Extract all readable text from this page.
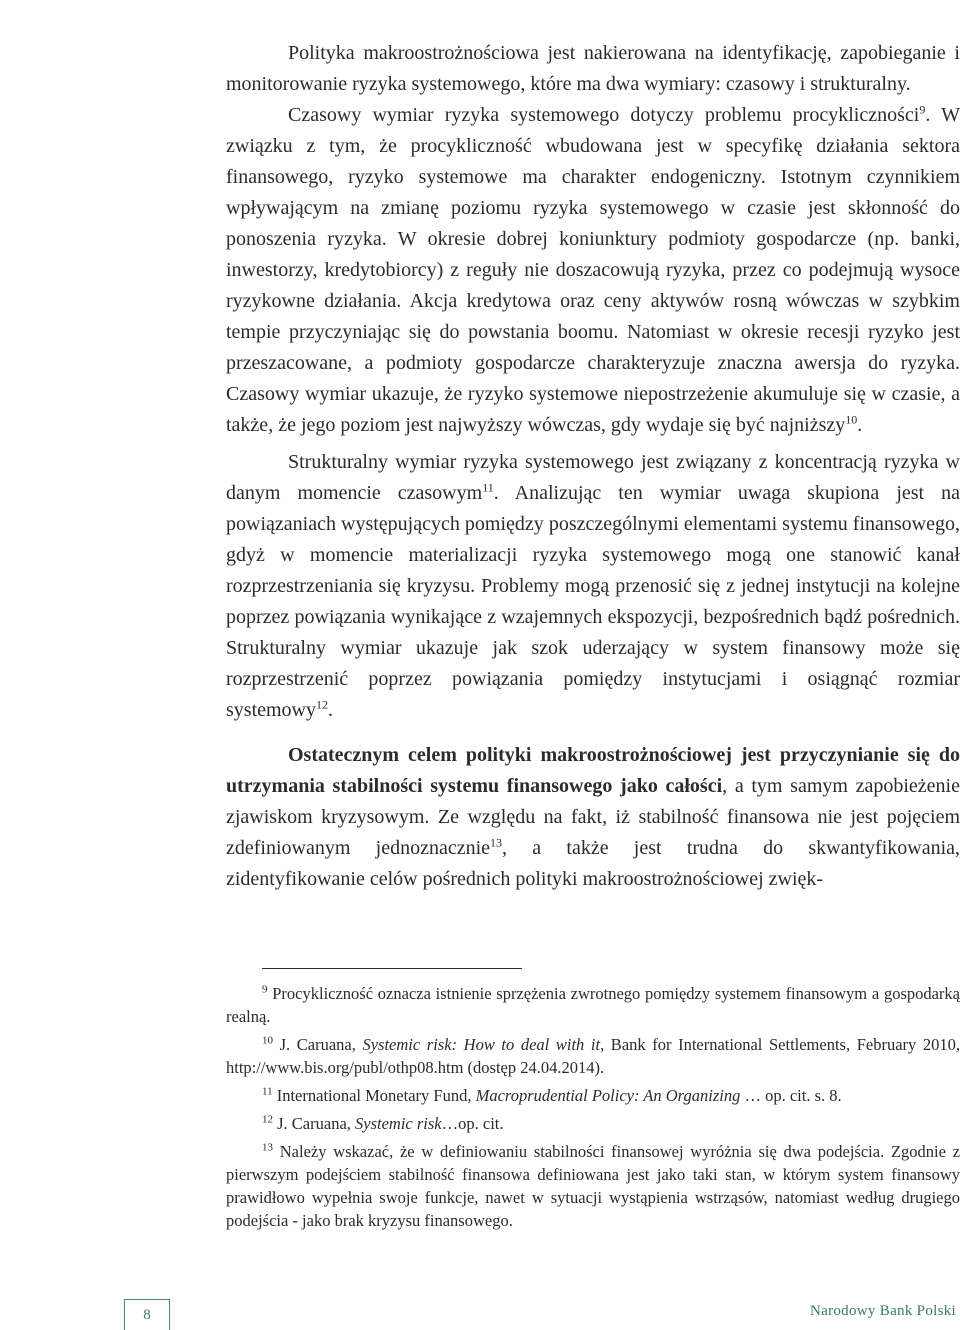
Polityka makroostrożnościowa jest nakierowana na identyfikację, zapobieganie i monitorowanie ryzyka systemowego, które ma dwa wymiary: czasowy i strukturalny.

Czasowy wymiar ryzyka systemowego dotyczy problemu procykliczności$^9$. W związku z tym, że procykliczność wbudowana jest w specyfikę działania sektora finansowego, ryzyko systemowe ma charakter endogeniczny. Istotnym czynnikiem wpływającym na zmianę poziomu ryzyka systemowego w czasie jest skłonność do ponoszenia ryzyka. W okresie dobrej koniunktury podmioty gospodarcze (np. banki, inwestorzy, kredytobiorcy) z reguły nie doszacowują ryzyka, przez co podejmują wysoce ryzykowne działania. Akcja kredytowa oraz ceny aktywów rosną wówczas w szybkim tempie przyczyniając się do powstania boomu. Natomiast w okresie recesji ryzyko jest przeszacowane, a podmioty gospodarcze charakteryzuje znaczna awersja do ryzyka. Czasowy wymiar ukazuje, że ryzyko systemowe niepostrzeżenie akumuluje się w czasie, a także, że jego poziom jest najwyższy wówczas, gdy wydaje się być najniższy$^{10}$.

Strukturalny wymiar ryzyka systemowego jest związany z koncentracją ryzyka w danym momencie czasowym$^{11}$. Analizując ten wymiar uwaga skupiona jest na powiązaniach występujących pomiędzy poszczególnymi elementami systemu finansowego, gdyż w momencie materializacji ryzyka systemowego mogą one stanowić kanał rozprzestrzeniania się kryzysu. Problemy mogą przenosić się z jednej instytucji na kolejne poprzez powiązania wynikające z wzajemnych ekspozycji, bezpośrednich bądź pośrednich. Strukturalny wymiar ukazuje jak szok uderzający w system finansowy może się rozprzestrzenić poprzez powiązania pomiędzy instytucjami i osiągnąć rozmiar systemowy$^{12}$.

Ostatecznym celem polityki makroostrożnościowej jest przyczynianie się do utrzymania stabilności systemu finansowego jako całości, a tym samym zapobieżenie zjawiskom kryzysowym. Ze względu na fakt, iż stabilność finansowa nie jest pojęciem zdefiniowanym jednoznacznie$^{13}$, a także jest trudna do skwantyfikowania, zidentyfikowanie celów pośrednich polityki makroostrożnościowej zwięk-

$^9$ Procykliczność oznacza istnienie sprzężenia zwrotnego pomiędzy systemem finansowym a gospodarką realną.

$^{10}$ J. Caruana, Systemic risk: How to deal with it, Bank for International Settlements, February 2010, http://www.bis.org/publ/othp08.htm (dostęp 24.04.2014).

$^{11}$ International Monetary Fund, Macroprudential Policy: An Organizing … op. cit. s. 8.

$^{12}$ J. Caruana, Systemic risk…op. cit.

$^{13}$ Należy wskazać, że w definiowaniu stabilności finansowej wyróżnia się dwa podejścia. Zgodnie z pierwszym podejściem stabilność finansowa definiowana jest jako taki stan, w którym system finansowy prawidłowo wypełnia swoje funkcje, nawet w sytuacji wystąpienia wstrząsów, natomiast według drugiego podejścia - jako brak kryzysu finansowego.

8	Narodowy Bank Polski
